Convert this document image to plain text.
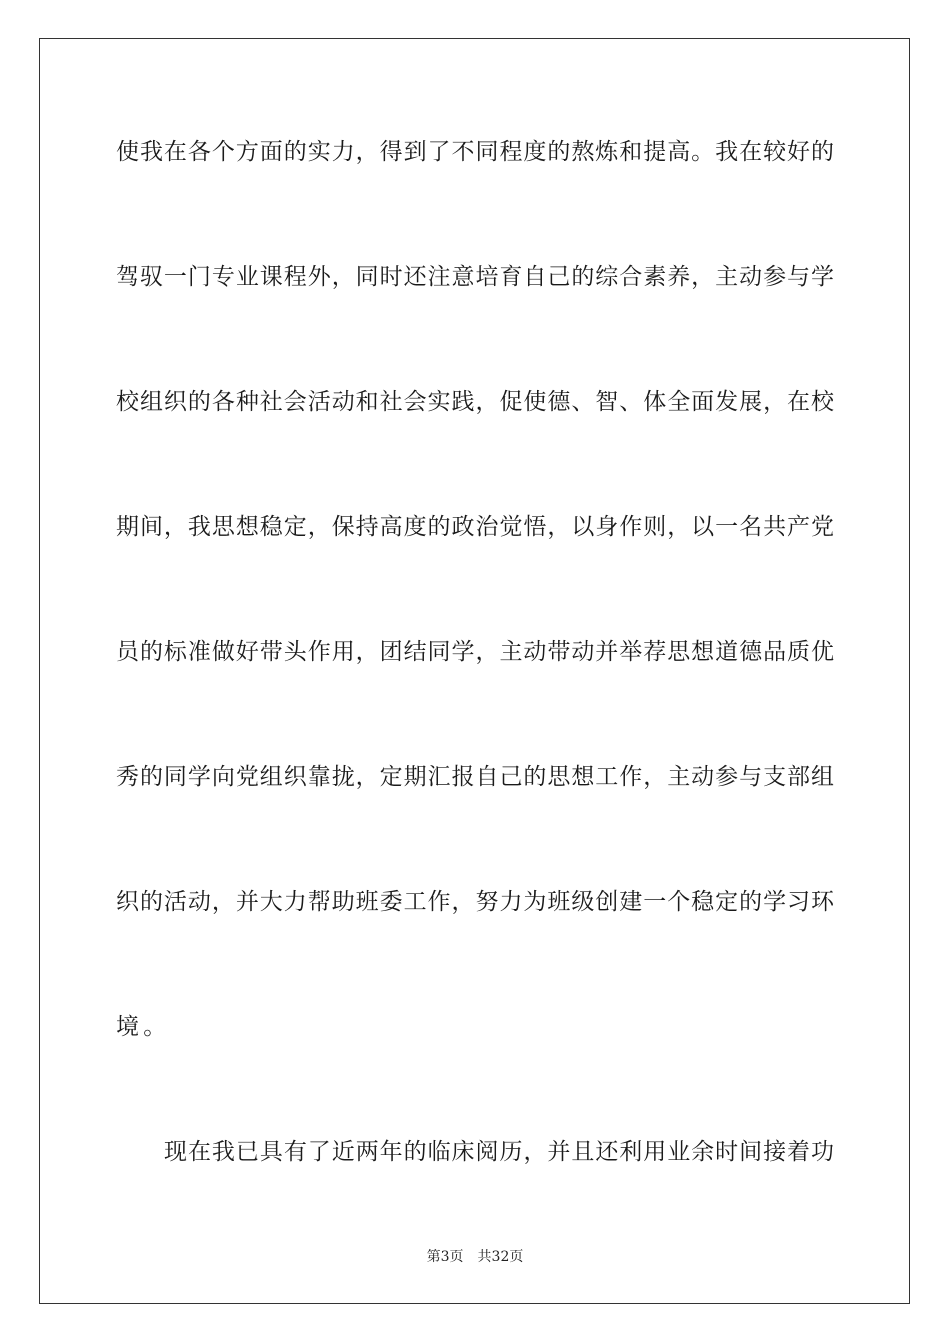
使我在各个方面的实力，得到了不同程度的熬炼和提高。我在较好的
驾驭一门专业课程外，同时还注意培育自己的综合素养，主动参与学
校组织的各种社会活动和社会实践，促使德、智、体全面发展，在校
期间，我思想稳定，保持高度的政治觉悟，以身作则，以一名共产党
员的标准做好带头作用，团结同学，主动带动并举荐思想道德品质优
秀的同学向党组织靠拢，定期汇报自己的思想工作，主动参与支部组
织的活动，并大力帮助班委工作，努力为班级创建一个稳定的学习环
境。
现在我已具有了近两年的临床阅历，并且还利用业余时间接着功
第3页 共32页
